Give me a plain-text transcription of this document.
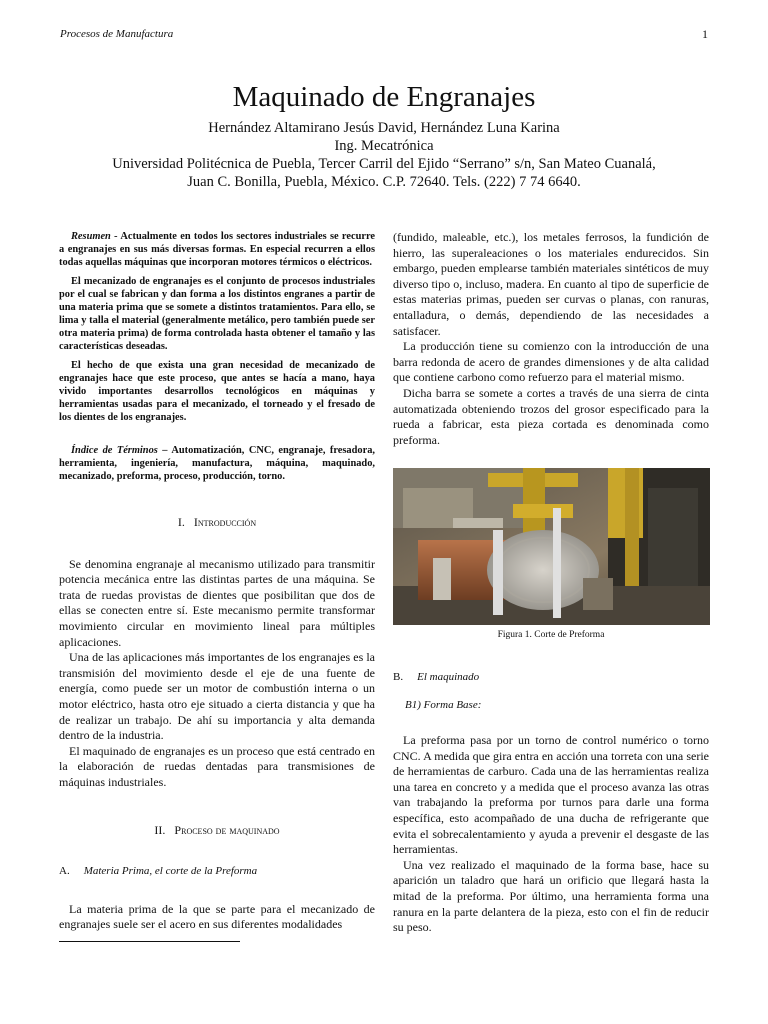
Procesos de Manufactura	1
Maquinado de Engranajes

Hernández Altamirano Jesús David, Hernández Luna Karina

Ing. Mecatrónica

Universidad Politécnica de Puebla, Tercer Carril del Ejido “Serrano” s/n, San Mateo Cuanalá,

Juan C. Bonilla, Puebla, México. C.P. 72640. Tels. (222) 7 74 6640.

Resumen - Actualmente en todos los sectores industriales se recurre a engranajes en sus más diversas formas. En especial recurren a ellos todas aquellas máquinas que incorporan motores térmicos o eléctricos.

El mecanizado de engranajes es el conjunto de procesos industriales por el cual se fabrican y dan forma a los distintos engranes a partir de una materia prima que se somete a distintos tratamientos. Para ello, se lima y talla el material (generalmente metálico, pero también puede ser otra materia prima) de forma controlada hasta obtener el tamaño y las características deseadas.

El hecho de que exista una gran necesidad de mecanizado de engranajes hace que este proceso, que antes se hacía a mano, haya vivido importantes desarrollos tecnológicos en máquinas y herramientas usadas para el mecanizado, el torneado y el fresado de los dientes de los engranajes.

Índice de Términos – Automatización, CNC, engranaje, fresadora, herramienta, ingeniería, manufactura, máquina, maquinado, mecanizado, preforma, proceso, producción, torno.

I. Introducción

Se denomina engranaje al mecanismo utilizado para transmitir potencia mecánica entre las distintas partes de una máquina. Se trata de ruedas provistas de dientes que posibilitan que dos de ellas se conecten entre sí. Este mecanismo permite transformar movimiento circular en movimiento lineal para múltiples aplicaciones.

Una de las aplicaciones más importantes de los engranajes es la transmisión del movimiento desde el eje de una fuente de energía, como puede ser un motor de combustión interna o un motor eléctrico, hasta otro eje situado a cierta distancia y que ha de realizar un trabajo. De ahí su importancia y alta demanda dentro de la industria.

El maquinado de engranajes es un proceso que está centrado en la elaboración de ruedas dentadas para transmisiones de máquinas industriales.

II. Proceso de maquinado

A. Materia Prima, el corte de la Preforma

La materia prima de la que se parte para el mecanizado de engranajes suele ser el acero en sus diferentes modalidades

(fundido, maleable, etc.), los metales ferrosos, la fundición de hierro, las superaleaciones o los materiales endurecidos. Sin embargo, pueden emplearse también materiales sintéticos de muy diverso tipo o, incluso, madera. En cuanto al tipo de superficie de estas materias primas, pueden ser curvas o planas, con ranuras, entalladura, o demás, dependiendo de las necesidades a satisfacer.

La producción tiene su comienzo con la introducción de una barra redonda de acero de grandes dimensiones y de alta calidad que contiene carbono como refuerzo para el material mismo.

Dicha barra se somete a cortes a través de una sierra de cinta automatizada obteniendo trozos del grosor especificado para la rueda a fabricar, esta pieza cortada es denominada como preforma.

Figura 1. Corte de Preforma

B. El maquinado

B1) Forma Base:

La preforma pasa por un torno de control numérico o torno CNC. A medida que gira entra en acción una torreta con una serie de herramientas de carburo. Cada una de las herramientas realiza una tarea en concreto y a medida que el proceso avanza las otras van trabajando la preforma por turnos para darle una forma específica, esto acompañado de una ducha de refrigerante que evita el sobrecalentamiento y ayuda a prevenir el desgaste de las herramientas.

Una vez realizado el maquinado de la forma base, hace su aparición un taladro que hará un orificio que llegará hasta la mitad de la preforma. Por último, una herramienta forma una ranura en la parte delantera de la pieza, esto con el fin de reducir su peso.
